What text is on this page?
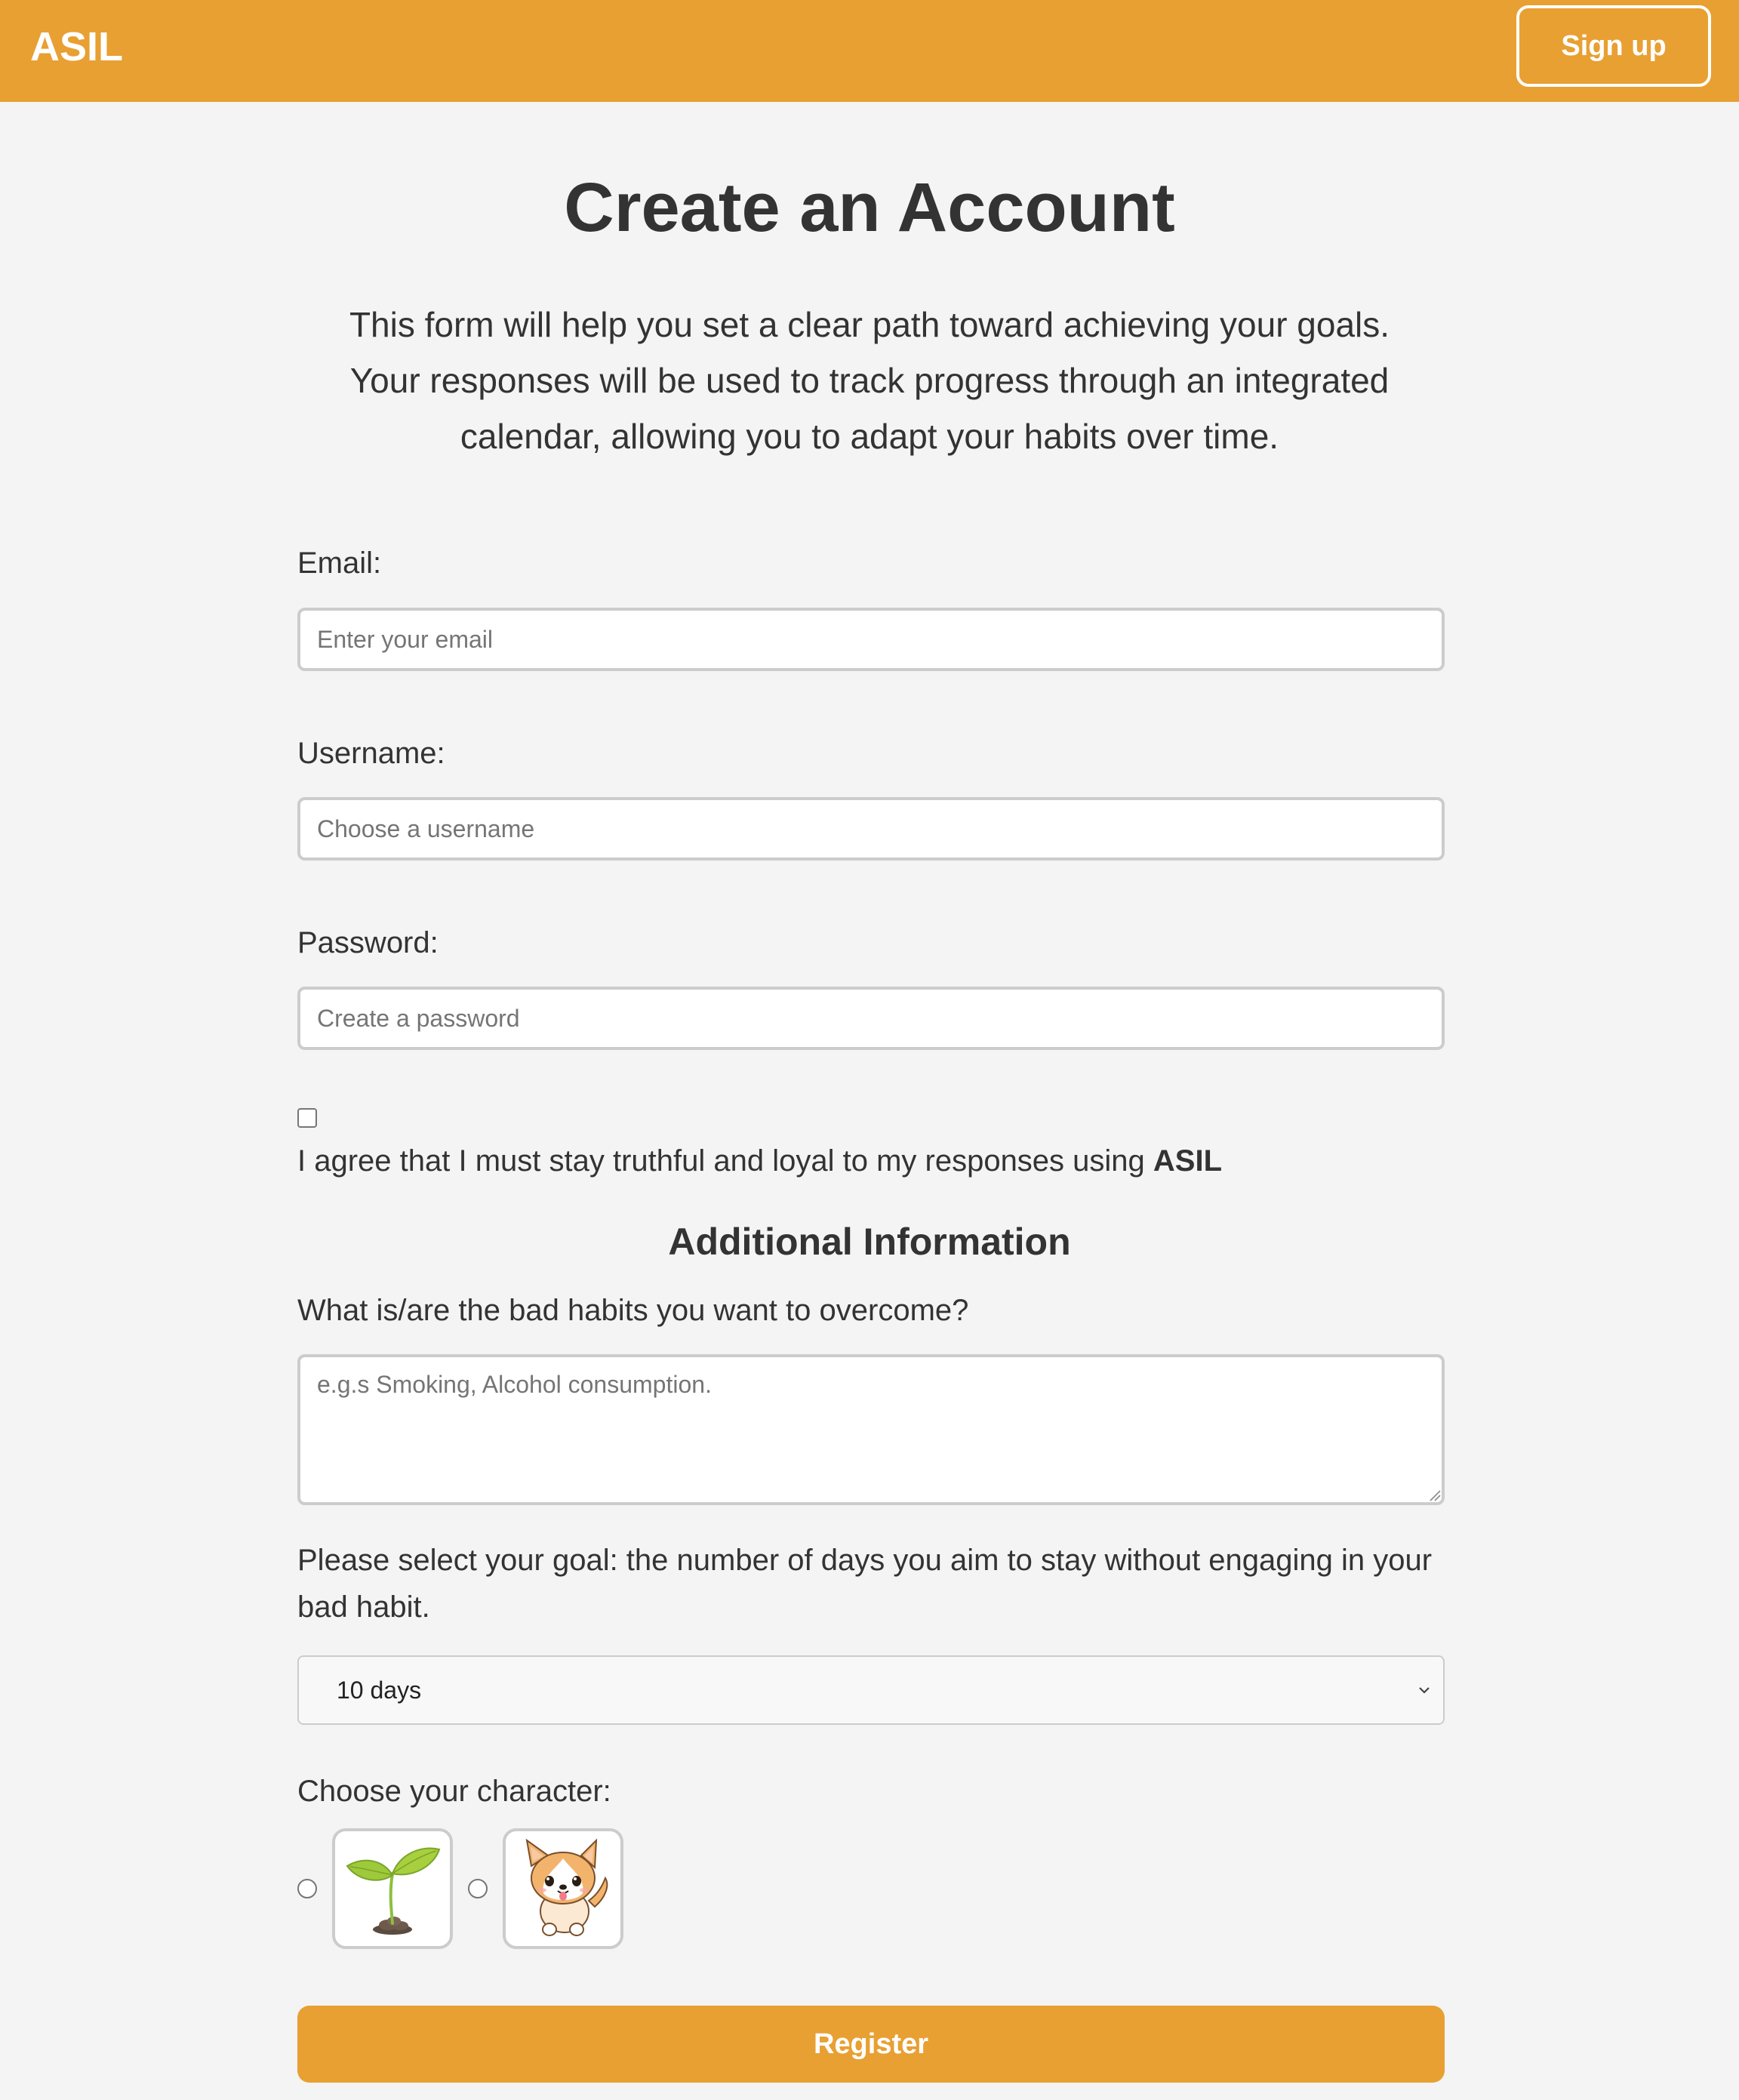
ASIL	Sign up
Create an Account

This form will help you set a clear path toward achieving your goals. Your responses will be used to track progress through an integrated calendar, allowing you to adapt your habits over time.

Email:
Enter your email
Username:
Choose a username
Password:
Create a password
I agree that I must stay truthful and loyal to my responses using ASIL
Additional Information
What is/are the bad habits you want to overcome?
e.g.s Smoking, Alcohol consumption.
Please select your goal: the number of days you aim to stay without engaging in your bad habit.
10 days
Choose your character:
Register
